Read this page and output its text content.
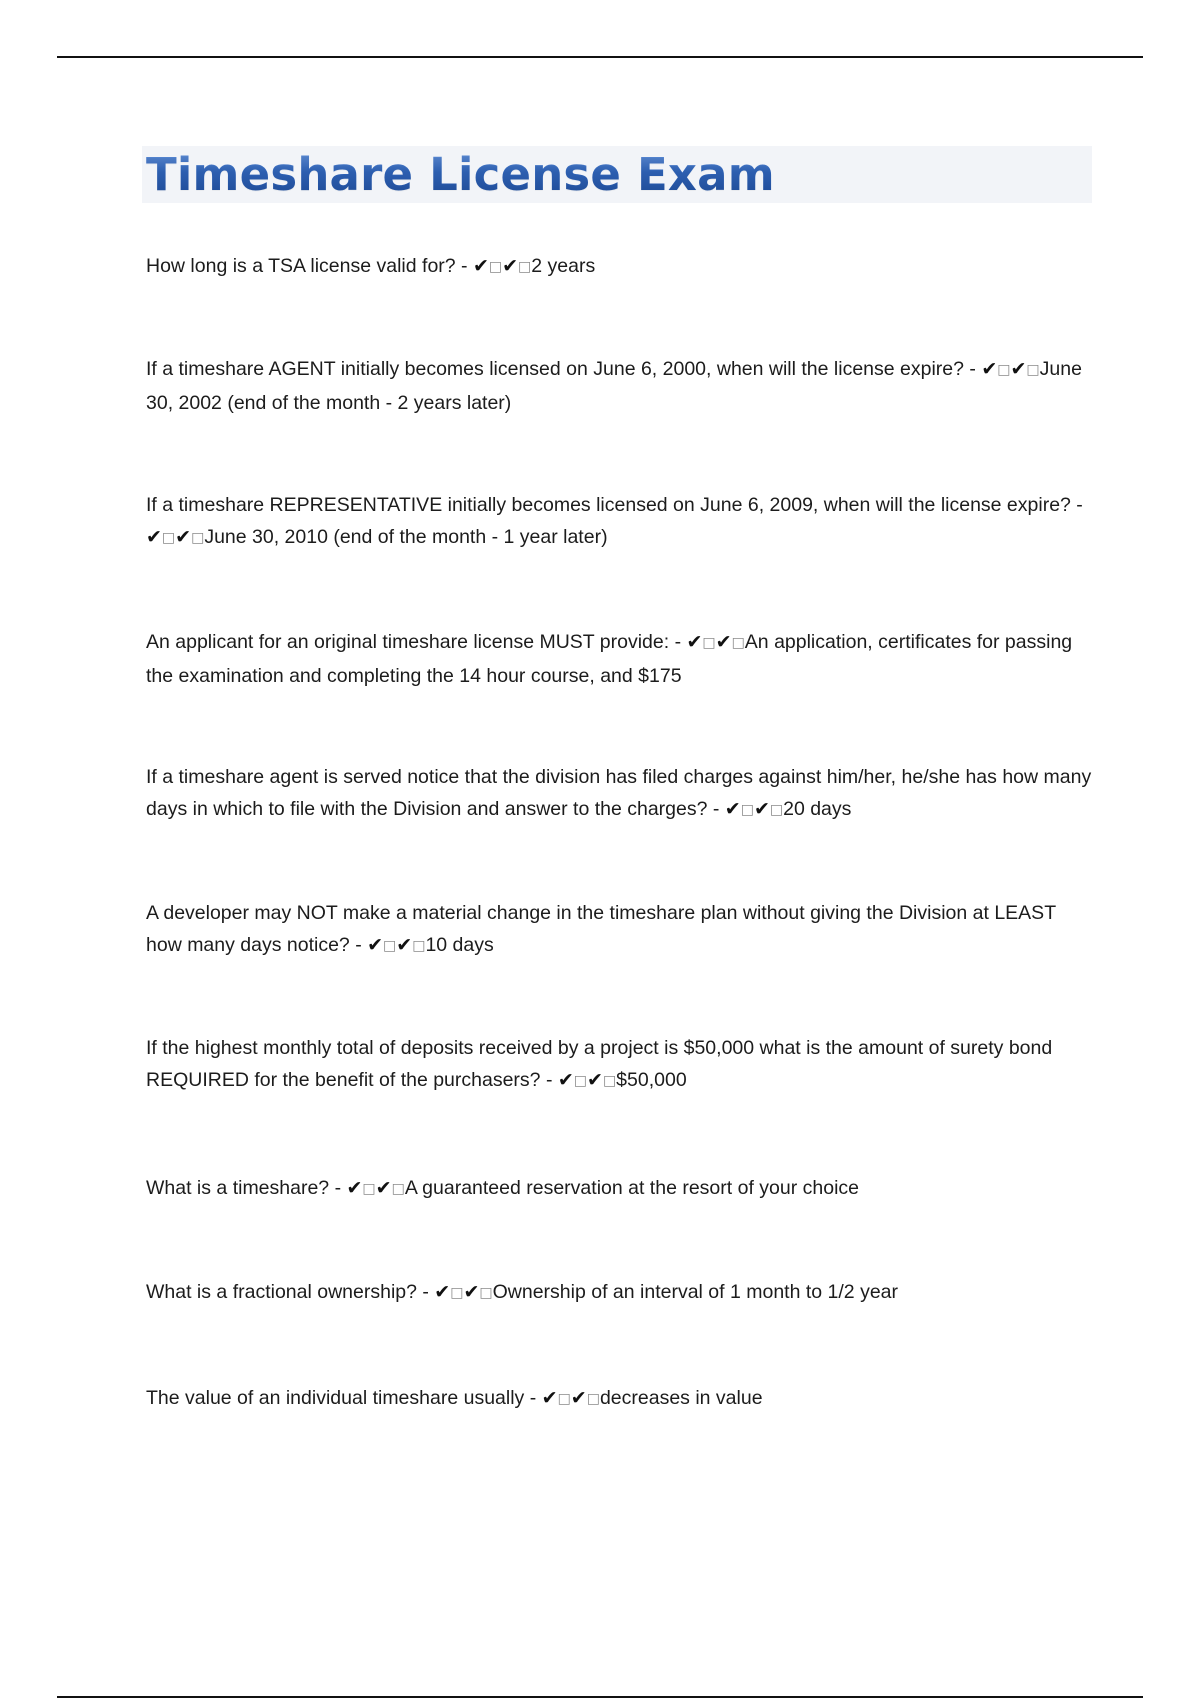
Timeshare License Exam

How long is a TSA license valid for? - ✔□✔□2 years

If a timeshare AGENT initially becomes licensed on June 6, 2000, when will the license expire? - ✔□✔□June 30, 2002 (end of the month - 2 years later)

If a timeshare REPRESENTATIVE initially becomes licensed on June 6, 2009, when will the license expire? - ✔□✔□June 30, 2010 (end of the month - 1 year later)

An applicant for an original timeshare license MUST provide: - ✔□✔□An application, certificates for passing the examination and completing the 14 hour course, and $175

If a timeshare agent is served notice that the division has filed charges against him/her, he/she has how many days in which to file with the Division and answer to the charges? - ✔□✔□20 days

A developer may NOT make a material change in the timeshare plan without giving the Division at LEAST how many days notice? - ✔□✔□10 days

If the highest monthly total of deposits received by a project is $50,000 what is the amount of surety bond REQUIRED for the benefit of the purchasers? - ✔□✔□$50,000

What is a timeshare? - ✔□✔□A guaranteed reservation at the resort of your choice

What is a fractional ownership? - ✔□✔□Ownership of an interval of 1 month to 1/2 year

The value of an individual timeshare usually - ✔□✔□decreases in value
